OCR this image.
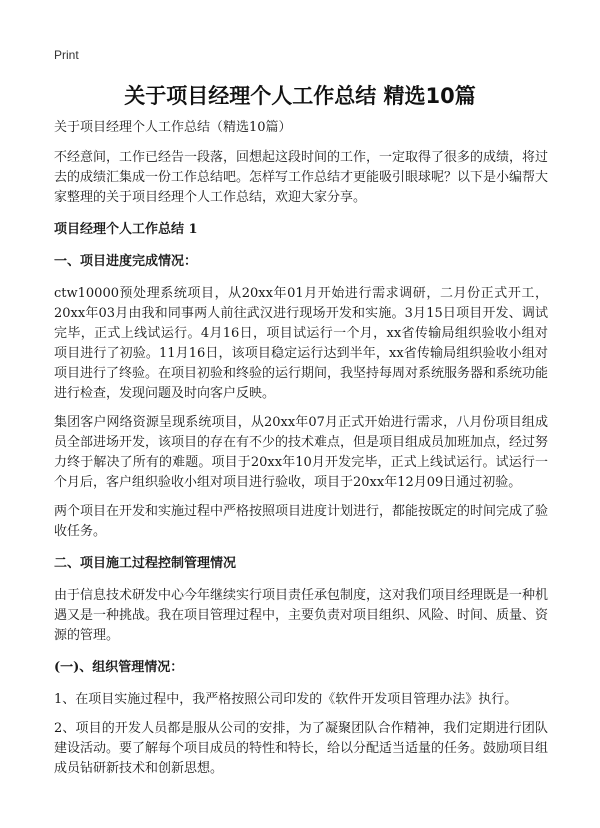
Print
关于项目经理个人工作总结 精选10篇

关于项目经理个人工作总结（精选10篇）

不经意间，工作已经告一段落，回想起这段时间的工作，一定取得了很多的成绩，将过去的成绩汇集成一份工作总结吧。怎样写工作总结才更能吸引眼球呢？以下是小编帮大家整理的关于项目经理个人工作总结，欢迎大家分享。

项目经理个人工作总结 1

一、项目进度完成情况：

ctw10000预处理系统项目，从20xx年01月开始进行需求调研，二月份正式开工，20xx年03月由我和同事两人前往武汉进行现场开发和实施。3月15日项目开发、调试完毕，正式上线试运行。4月16日，项目试运行一个月，xx省传输局组织验收小组对项目进行了初验。11月16日，该项目稳定运行达到半年，xx省传输局组织验收小组对项目进行了终验。在项目初验和终验的运行期间，我坚持每周对系统服务器和系统功能进行检查，发现问题及时向客户反映。

集团客户网络资源呈现系统项目，从20xx年07月正式开始进行需求，八月份项目组成员全部进场开发，该项目的存在有不少的技术难点，但是项目组成员加班加点，经过努力终于解决了所有的难题。项目于20xx年10月开发完毕，正式上线试运行。试运行一个月后，客户组织验收小组对项目进行验收，项目于20xx年12月09日通过初验。

两个项目在开发和实施过程中严格按照项目进度计划进行，都能按既定的时间完成了验收任务。

二、项目施工过程控制管理情况

由于信息技术研发中心今年继续实行项目责任承包制度，这对我们项目经理既是一种机遇又是一种挑战。我在项目管理过程中，主要负责对项目组织、风险、时间、质量、资源的管理。

(一)、组织管理情况：

1、在项目实施过程中，我严格按照公司印发的《软件开发项目管理办法》执行。

2、项目的开发人员都是服从公司的安排，为了凝聚团队合作精神，我们定期进行团队建设活动。要了解每个项目成员的特性和特长，给以分配适当适量的任务。鼓励项目组成员钻研新技术和创新思想。
